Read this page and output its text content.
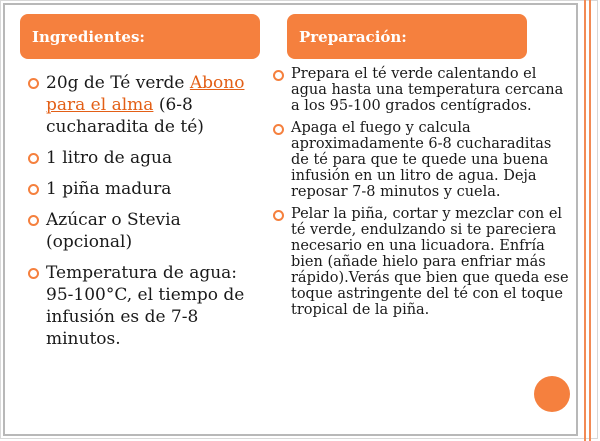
Ingredientes:	Preparación:
20g de Té verde Abono para el alma (6-8 cucharadita de té)
1 litro de agua
1 piña madura
Azúcar o Stevia (opcional)
Temperatura de agua: 95-100°C, el tiempo de infusión es de 7-8 minutos.
Prepara el té verde calentando el agua hasta una temperatura cercana a los 95-100 grados centígrados.
Apaga el fuego y calcula aproximadamente 6-8 cucharaditas de té para que te quede una buena infusión en un litro de agua. Deja reposar 7-8 minutos y cuela.
Pelar la piña, cortar y mezclar con el té verde, endulzando si te pareciera necesario en una licuadora. Enfría bien (añade hielo para enfriar más rápido).Verás que bien que queda ese toque astringente del té con el toque tropical de la piña.
